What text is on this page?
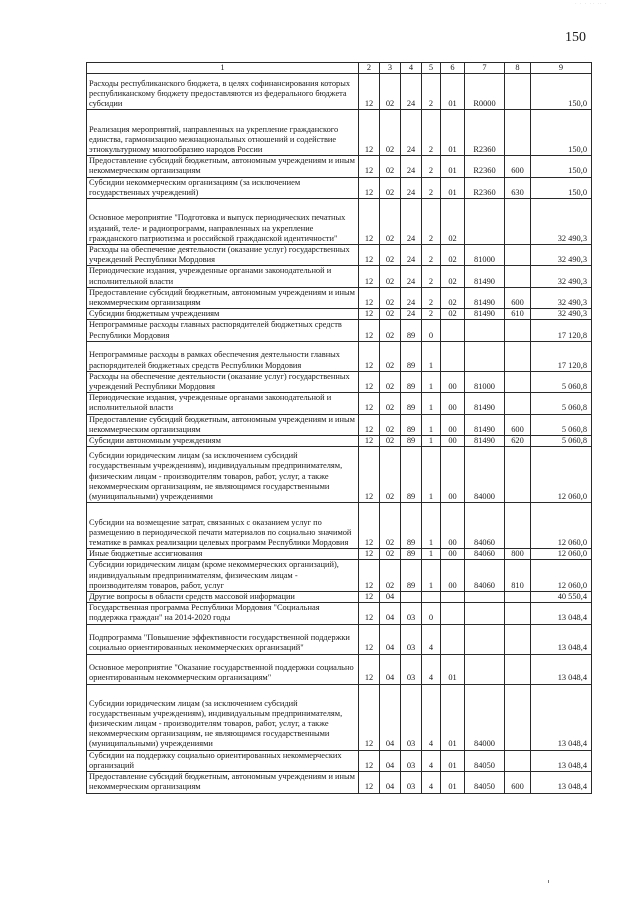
· · · ·· ·· ·
150
1	2	3	4	5	6	7	8	9
Расходы республиканского бюджета, в целях софинансирования которых республиканскому бюджету предоставляются из федерального бюджета субсидии	12	02	24	2	01	R0000		150,0
Реализация мероприятий, направленных на укрепление гражданского единства, гармонизацию межнациональных отношений и содействие этнокультурному многообразию народов России	12	02	24	2	01	R2360		150,0
Предоставление субсидий бюджетным, автономным учреждениям и иным некоммерческим организациям	12	02	24	2	01	R2360	600	150,0
Субсидии некоммерческим организациям (за исключением государственных учреждений)	12	02	24	2	01	R2360	630	150,0
Основное мероприятие "Подготовка и выпуск периодических печатных изданий, теле- и радиопрограмм, направленных на укрепление гражданского патриотизма и российской гражданской идентичности"	12	02	24	2	02			32 490,3
Расходы на обеспечение деятельности (оказание услуг) государственных учреждений Республики Мордовия	12	02	24	2	02	81000		32 490,3
Периодические издания, учрежденные органами законодательной и исполнительной власти	12	02	24	2	02	81490		32 490,3
Предоставление субсидий бюджетным, автономным учреждениям и иным некоммерческим организациям	12	02	24	2	02	81490	600	32 490,3
Субсидии бюджетным учреждениям	12	02	24	2	02	81490	610	32 490,3
Непрограммные расходы главных распорядителей бюджетных средств Республики Мордовия	12	02	89	0				17 120,8
Непрограммные расходы в рамках обеспечения деятельности главных распорядителей бюджетных средств Республики Мордовия	12	02	89	1				17 120,8
Расходы на обеспечение деятельности (оказание услуг) государственных учреждений Республики Мордовия	12	02	89	1	00	81000		5 060,8
Периодические издания, учрежденные органами законодательной и исполнительной власти	12	02	89	1	00	81490		5 060,8
Предоставление субсидий бюджетным, автономным учреждениям и иным некоммерческим организациям	12	02	89	1	00	81490	600	5 060,8
Субсидии автономным учреждениям	12	02	89	1	00	81490	620	5 060,8
Субсидии юридическим лицам (за исключением субсидий государственным учреждениям), индивидуальным предпринимателям, физическим лицам - производителям товаров, работ, услуг, а также некоммерческим организациям, не являющимся государственными (муниципальными) учреждениями	12	02	89	1	00	84000		12 060,0
Субсидии на возмещение затрат, связанных с оказанием услуг по размещению в периодической печати материалов по социально значимой тематике в рамках реализации целевых программ Республики Мордовия	12	02	89	1	00	84060		12 060,0
Иные бюджетные ассигнования	12	02	89	1	00	84060	800	12 060,0
Субсидии юридическим лицам (кроме некоммерческих организаций), индивидуальным предпринимателям, физическим лицам - производителям товаров, работ, услуг	12	02	89	1	00	84060	810	12 060,0
Другие вопросы в области средств массовой информации	12	04						40 550,4
Государственная программа Республики Мордовия "Социальная поддержка граждан" на 2014-2020 годы	12	04	03	0				13 048,4
Подпрограмма "Повышение эффективности государственной поддержки социально ориентированных некоммерческих организаций"	12	04	03	4				13 048,4
Основное мероприятие "Оказание государственной поддержки социально ориентированным некоммерческим организациям"	12	04	03	4	01			13 048,4
Субсидии юридическим лицам (за исключением субсидий государственным учреждениям), индивидуальным предпринимателям, физическим лицам - производителям товаров, работ, услуг, а также некоммерческим организациям, не являющимся государственными (муниципальными) учреждениями	12	04	03	4	01	84000		13 048,4
Субсидии на поддержку социально ориентированных некоммерческих организаций	12	04	03	4	01	84050		13 048,4
Предоставление субсидий бюджетным, автономным учреждениям и иным некоммерческим организациям	12	04	03	4	01	84050	600	13 048,4
